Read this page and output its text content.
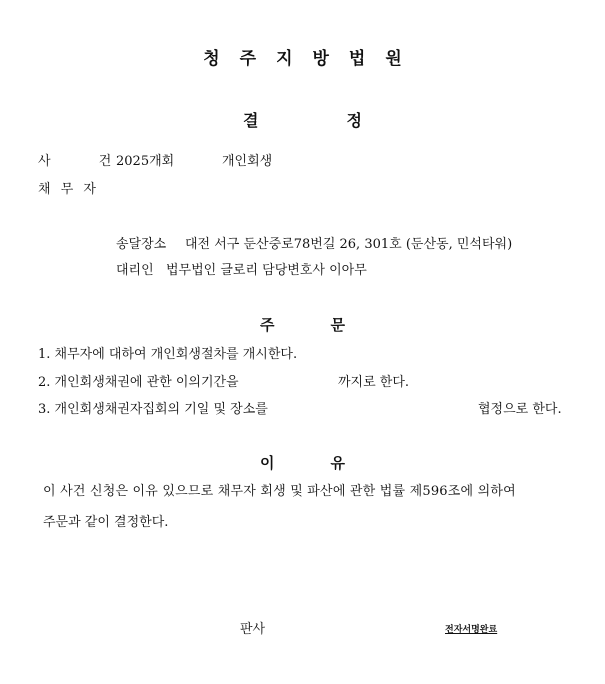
청주지방법원
결정
사 건
2025개회	개인회생
채 무 자
송달장소 대전 서구 둔산중로78번길 26, 301호 (둔산동, 민석타워)
대리인 법무법인 글로리 담당변호사 이아무
주문
1. 채무자에 대하여 개인회생절차를 개시한다.
2. 개인회생채권에 관한 이의기간을	까지로 한다.
3. 개인회생채권자집회의 기일 및 장소를	협정으로 한다.
이유
이 사건 신청은 이유 있으므로 채무자 회생 및 파산에 관한 법률 제596조에 의하여
주문과 같이 결정한다.
판사	전자서명완료
